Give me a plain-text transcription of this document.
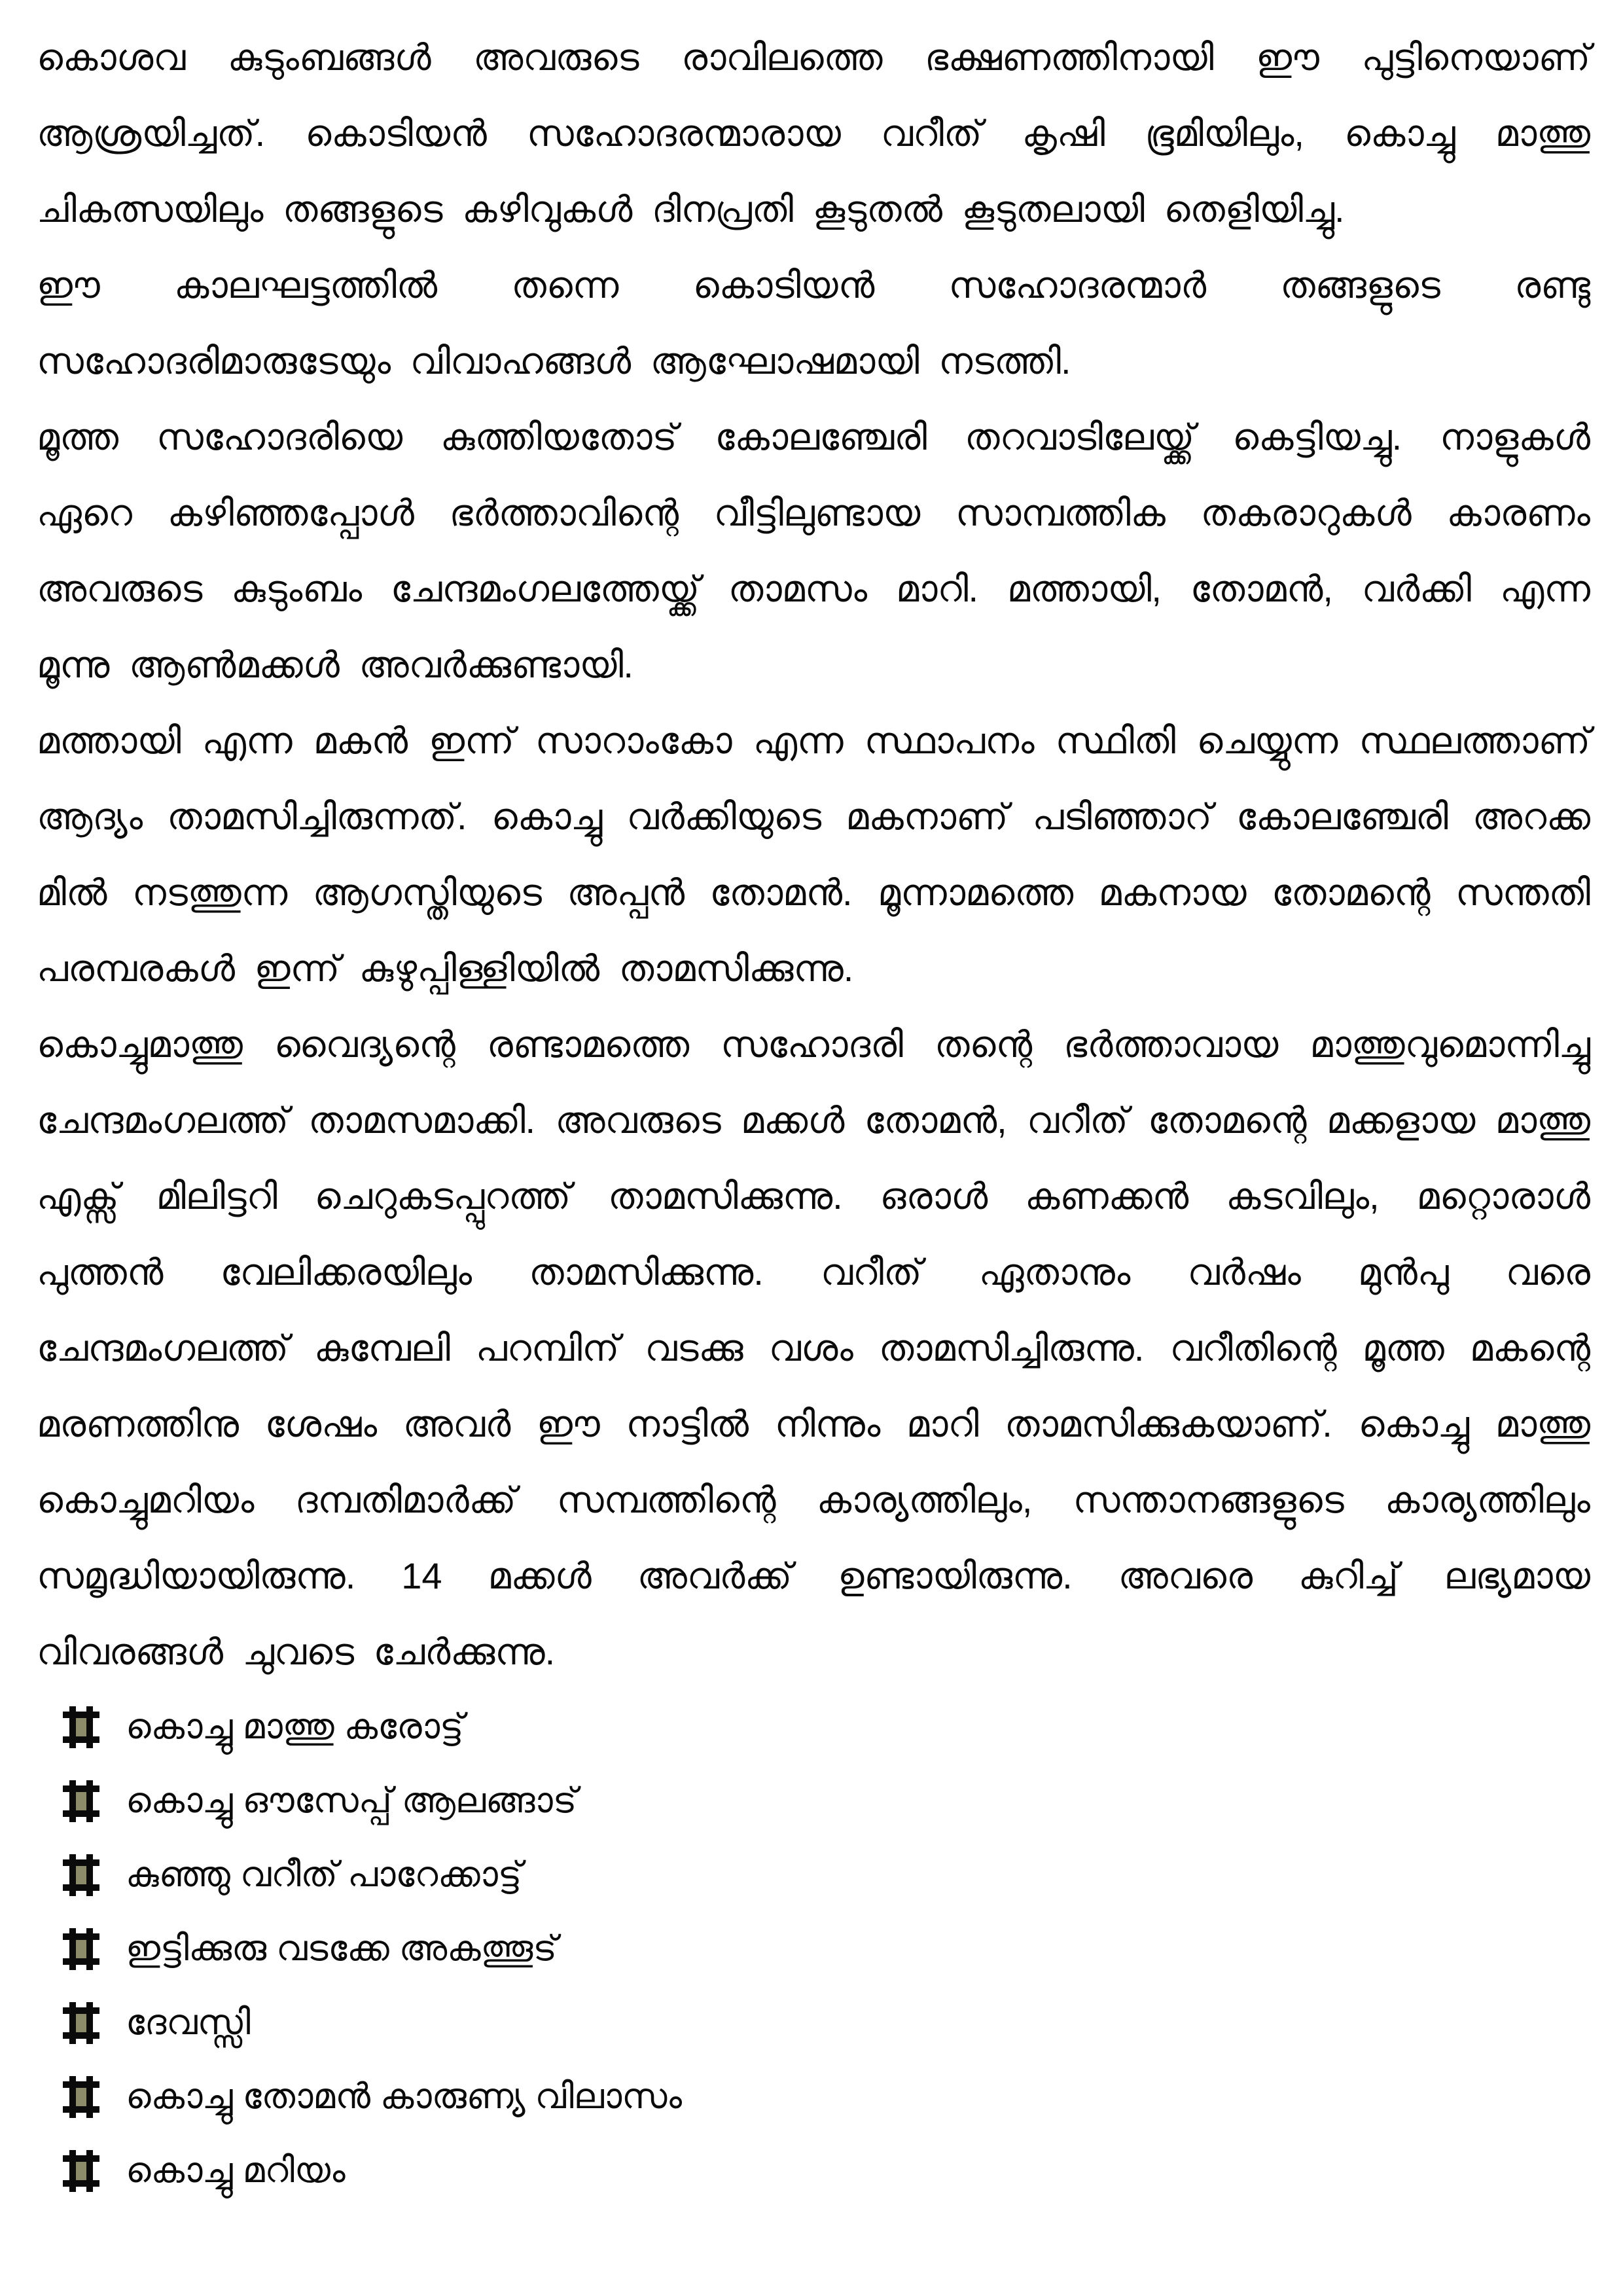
കൊശവ കുടുംബങ്ങൾ അവരുടെ രാവിലത്തെ ഭക്ഷണത്തിനായി ഈ പുട്ടിനെയാണ് ആശ്രയിച്ചത്. കൊടിയൻ സഹോദരന്മാരായ വറീത് കൃഷി ഭൂമിയിലും, കൊച്ചു മാത്തു ചികത്സയിലും തങ്ങളുടെ കഴിവുകൾ ദിനപ്രതി കൂടുതൽ കൂടുതലായി തെളിയിച്ചു.

ഈ കാലഘട്ടത്തിൽ തന്നെ കൊടിയൻ സഹോദരന്മാർ തങ്ങളുടെ രണ്ടു സഹോദരിമാരുടേയും വിവാഹങ്ങൾ ആഘോഷമായി നടത്തി.

മൂത്ത സഹോദരിയെ കുത്തിയതോട് കോലഞ്ചേരി തറവാടിലേയ്ക്ക് കെട്ടിയച്ചു. നാളുകൾ ഏറെ കഴിഞ്ഞപ്പോൾ ഭർത്താവിന്റെ വീട്ടിലുണ്ടായ സാമ്പത്തിക തകരാറുകൾ കാരണം അവരുടെ കുടുംബം ചേന്ദമംഗലത്തേയ്ക്ക് താമസം മാറി. മത്തായി, തോമൻ, വർക്കി എന്ന മൂന്നു ആൺമക്കൾ അവർക്കുണ്ടായി.

മത്തായി എന്ന മകൻ ഇന്ന് സാറാംകോ എന്ന സ്ഥാപനം സ്ഥിതി ചെയ്യുന്ന സ്ഥലത്താണ് ആദ്യം താമസിച്ചിരുന്നത്. കൊച്ചു വർക്കിയുടെ മകനാണ് പടിഞ്ഞാറ് കോലഞ്ചേരി അറക്ക മിൽ നടത്തുന്ന ആഗസ്തിയുടെ അപ്പൻ തോമൻ. മൂന്നാമത്തെ മകനായ തോമന്റെ സന്തതി പരമ്പരകൾ ഇന്ന് കുഴുപ്പിള്ളിയിൽ താമസിക്കുന്നു.

കൊച്ചുമാത്തു വൈദ്യന്റെ രണ്ടാമത്തെ സഹോദരി തന്റെ ഭർത്താവായ മാത്തുവുമൊന്നിച്ചു ചേന്ദമംഗലത്ത് താമസമാക്കി. അവരുടെ മക്കൾ തോമൻ, വറീത് തോമന്റെ മക്കളായ മാത്തു എക്സ് മിലിട്ടറി ചെറുകടപ്പുറത്ത് താമസിക്കുന്നു. ഒരാൾ കണക്കൻ കടവിലും, മറ്റൊരാൾ പുത്തൻ വേലിക്കരയിലും താമസിക്കുന്നു. വറീത് ഏതാനും വർഷം മുൻപു വരെ ചേന്ദമംഗലത്ത് കുമ്പേലി പറമ്പിന് വടക്കു വശം താമസിച്ചിരുന്നു. വറീതിന്റെ മൂത്ത മകന്റെ മരണത്തിനു ശേഷം അവർ ഈ നാട്ടിൽ നിന്നും മാറി താമസിക്കുകയാണ്. കൊച്ചു മാത്തു കൊച്ചുമറിയം ദമ്പതിമാർക്ക് സമ്പത്തിന്റെ കാര്യത്തിലും, സന്താനങ്ങളുടെ കാര്യത്തിലും സമൃദ്ധിയായിരുന്നു. 14 മക്കൾ അവർക്ക് ഉണ്ടായിരുന്നു. അവരെ കുറിച്ച് ലഭ്യമായ വിവരങ്ങൾ ചുവടെ ചേർക്കുന്നു.

കൊച്ചു മാത്തു കരോട്ട്
കൊച്ചു ഔസേപ്പ് ആലങ്ങാട്
കുഞ്ഞു വറീത് പാറേക്കാട്ട്
ഇട്ടിക്കുരു വടക്കേ അകത്തൂട്
ദേവസ്സി
കൊച്ചു തോമൻ കാരുണ്യ വിലാസം
കൊച്ചു മറിയം
